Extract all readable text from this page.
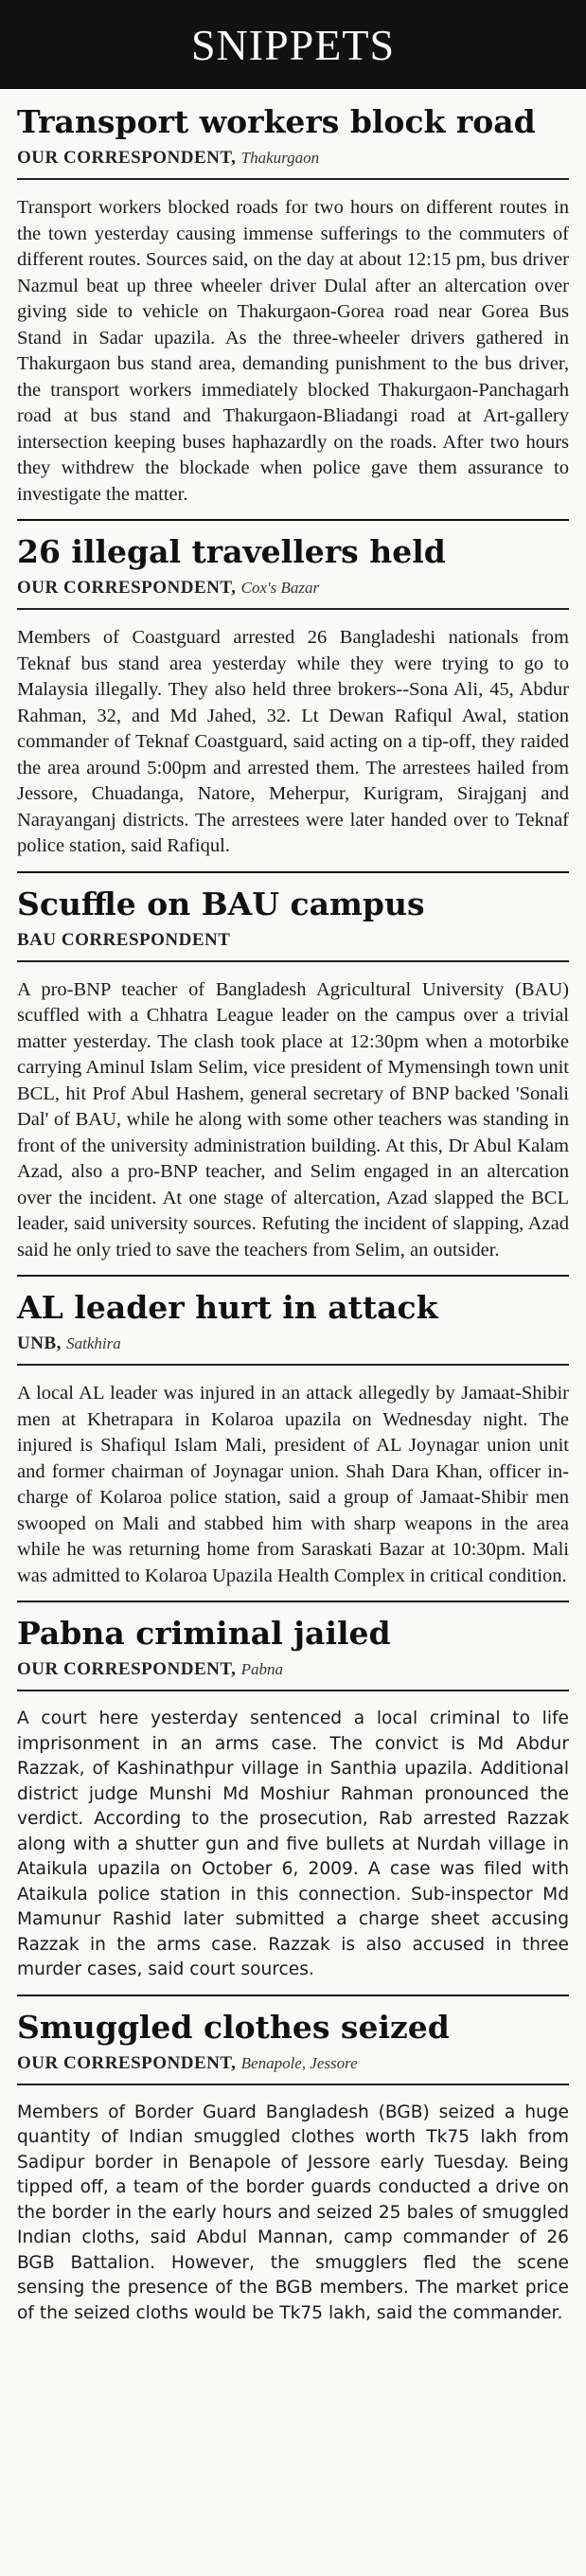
SNIPPETS
Transport workers block road
OUR CORRESPONDENT, Thakurgaon

Transport workers blocked roads for two hours on different routes in the town yesterday causing immense sufferings to the commuters of different routes. Sources said, on the day at about 12:15 pm, bus driver Nazmul beat up three wheeler driver Dulal after an altercation over giving side to vehicle on Thakurgaon-Gorea road near Gorea Bus Stand in Sadar upazila. As the three-wheeler drivers gathered in Thakurgaon bus stand area, demanding punishment to the bus driver, the transport workers immediately blocked Thakurgaon-Panchagarh road at bus stand and Thakurgaon-Bliadangi road at Art-gallery intersection keeping buses haphazardly on the roads. After two hours they withdrew the blockade when police gave them assurance to investigate the matter.

26 illegal travellers held
OUR CORRESPONDENT, Cox's Bazar

Members of Coastguard arrested 26 Bangladeshi nationals from Teknaf bus stand area yesterday while they were trying to go to Malaysia illegally. They also held three brokers--Sona Ali, 45, Abdur Rahman, 32, and Md Jahed, 32. Lt Dewan Rafiqul Awal, station commander of Teknaf Coastguard, said acting on a tip-off, they raided the area around 5:00pm and arrested them. The arrestees hailed from Jessore, Chuadanga, Natore, Meherpur, Kurigram, Sirajganj and Narayanganj districts. The arrestees were later handed over to Teknaf police station, said Rafiqul.

Scuffle on BAU campus
BAU CORRESPONDENT

A pro-BNP teacher of Bangladesh Agricultural University (BAU) scuffled with a Chhatra League leader on the campus over a trivial matter yesterday. The clash took place at 12:30pm when a motorbike carrying Aminul Islam Selim, vice president of Mymensingh town unit BCL, hit Prof Abul Hashem, general secretary of BNP backed 'Sonali Dal' of BAU, while he along with some other teachers was standing in front of the university administration building. At this, Dr Abul Kalam Azad, also a pro-BNP teacher, and Selim engaged in an altercation over the incident. At one stage of altercation, Azad slapped the BCL leader, said university sources. Refuting the incident of slapping, Azad said he only tried to save the teachers from Selim, an outsider.

AL leader hurt in attack
UNB, Satkhira

A local AL leader was injured in an attack allegedly by Jamaat-Shibir men at Khetrapara in Kolaroa upazila on Wednesday night. The injured is Shafiqul Islam Mali, president of AL Joynagar union unit and former chairman of Joynagar union. Shah Dara Khan, officer in-charge of Kolaroa police station, said a group of Jamaat-Shibir men swooped on Mali and stabbed him with sharp weapons in the area while he was returning home from Saraskati Bazar at 10:30pm. Mali was admitted to Kolaroa Upazila Health Complex in critical condition.

Pabna criminal jailed
OUR CORRESPONDENT, Pabna

A court here yesterday sentenced a local criminal to life imprisonment in an arms case. The convict is Md Abdur Razzak, of Kashinathpur village in Santhia upazila. Additional district judge Munshi Md Moshiur Rahman pronounced the verdict. According to the prosecution, Rab arrested Razzak along with a shutter gun and five bullets at Nurdah village in Ataikula upazila on October 6, 2009. A case was filed with Ataikula police station in this connection. Sub-inspector Md Mamunur Rashid later submitted a charge sheet accusing Razzak in the arms case. Razzak is also accused in three murder cases, said court sources.

Smuggled clothes seized
OUR CORRESPONDENT, Benapole, Jessore

Members of Border Guard Bangladesh (BGB) seized a huge quantity of Indian smuggled clothes worth Tk75 lakh from Sadipur border in Benapole of Jessore early Tuesday. Being tipped off, a team of the border guards conducted a drive on the border in the early hours and seized 25 bales of smuggled Indian cloths, said Abdul Mannan, camp commander of 26 BGB Battalion. However, the smugglers fled the scene sensing the presence of the BGB members. The market price of the seized cloths would be Tk75 lakh, said the commander.
